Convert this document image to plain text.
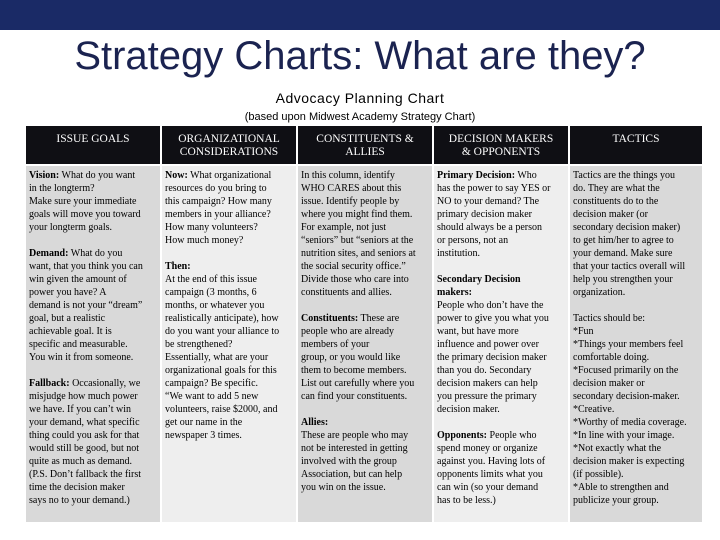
Strategy Charts: What are they?
Advocacy Planning Chart
(based upon Midwest Academy Strategy Chart)
ISSUE GOALS

Vision: What do you want
in the longterm?
Make sure your immediate
goals will move you toward
your longterm goals.

Demand: What do you
want, that you think you can
win given the amount of
power you have? A
demand is not your “dream”
goal, but a realistic
achievable goal. It is
specific and measurable.
You win it from someone.

Fallback: Occasionally, we
misjudge how much power
we have. If you can’t win
your demand, what specific
thing could you ask for that
would still be good, but not
quite as much as demand.
(P.S. Don’t fallback the first
time the decision maker
says no to your demand.)

ORGANIZATIONAL
CONSIDERATIONS

Now: What organizational
resources do you bring to
this campaign? How many
members in your alliance?
How many volunteers?
How much money?

Then:

At the end of this issue
campaign (3 months, 6
months, or whatever you
realistically anticipate), how
do you want your alliance to
be strengthened?
Essentially, what are your
organizational goals for this
campaign? Be specific.
“We want to add 5 new
volunteers, raise $2000, and
get our name in the
newspaper 3 times.

CONSTITUENTS &
ALLIES

In this column, identify
WHO CARES about this
issue. Identify people by
where you might find them.
For example, not just
“seniors” but “seniors at the
nutrition sites, and seniors at
the social security office.”
Divide those who care into
constituents and allies.

Constituents: These are
people who are already
members of your
group, or you would like
them to become members.
List out carefully where you
can find your constituents.

Allies:

These are people who may
not be interested in getting
involved with the group
Association, but can help
you win on the issue.

DECISION MAKERS
& OPPONENTS

Primary Decision: Who
has the power to say YES or
NO to your demand? The
primary decision maker
should always be a person
or persons, not an
institution.

Secondary Decision
makers:

People who don’t have the
power to give you what you
want, but have more
influence and power over
the primary decision maker
than you do. Secondary
decision makers can help
you pressure the primary
decision maker.

Opponents: People who
spend money or organize
against you. Having lots of
opponents limits what you
can win (so your demand
has to be less.)

TACTICS

Tactics are the things you
do. They are what the
constituents do to the
decision maker (or
secondary decision maker)
to get him/her to agree to
your demand. Make sure
that your tactics overall will
help you strengthen your
organization.

Tactics should be:
*Fun
*Things your members feel
comfortable doing.
*Focused primarily on the
decision maker or
secondary decision-maker.
*Creative.
*Worthy of media coverage.
*In line with your image.
*Not exactly what the
decision maker is expecting
(if possible).
*Able to strengthen and
publicize your group.
